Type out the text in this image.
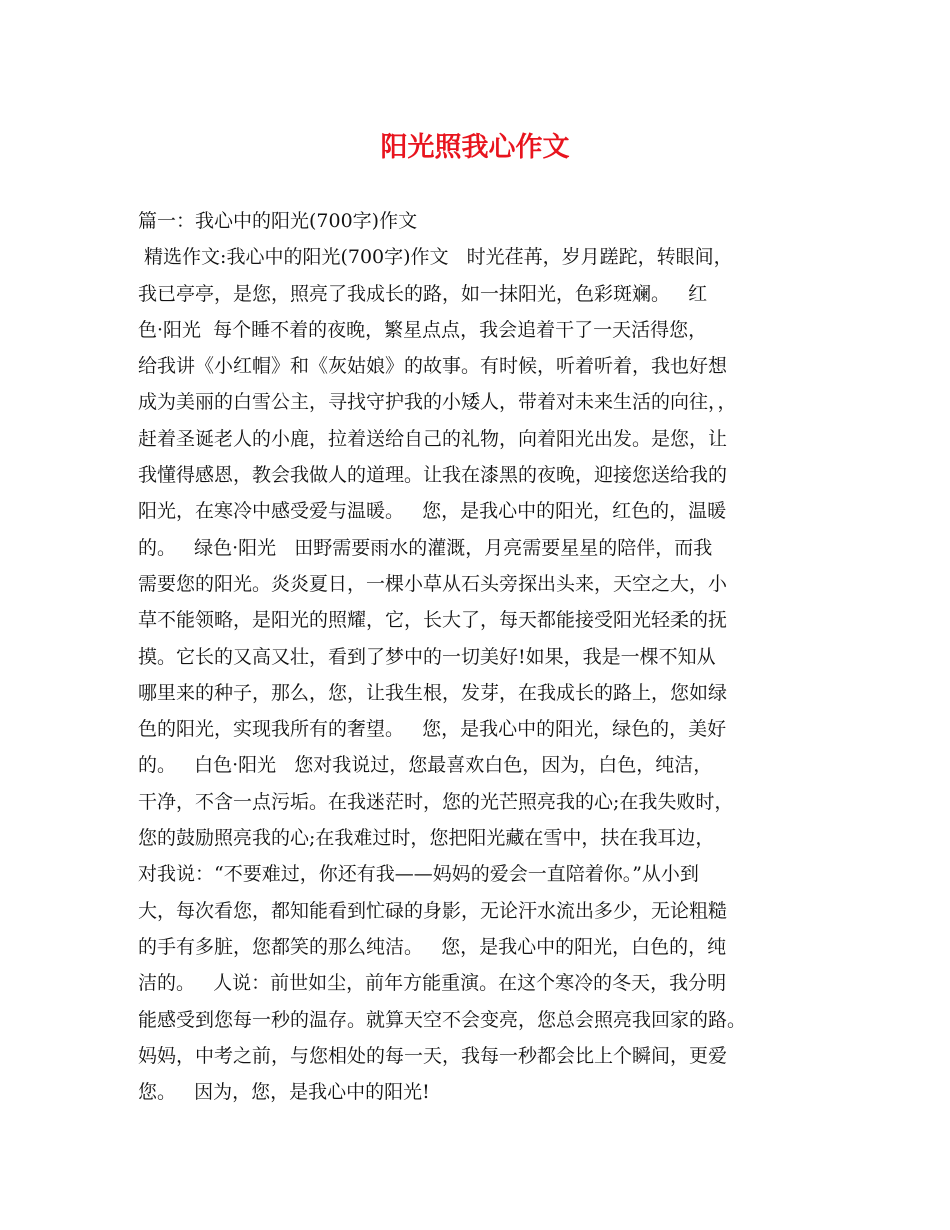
阳光照我心作文
篇一：我心中的阳光(700字)作文
精选作文:我心中的阳光(700字)作文   时光荏苒，岁月蹉跎，转眼间，
我已亭亭，是您，照亮了我成长的路，如一抹阳光，色彩斑斓。   红
色·阳光  每个睡不着的夜晚，繁星点点，我会追着干了一天活得您，
给我讲《小红帽》和《灰姑娘》的故事。有时候，听着听着，我也好想
成为美丽的白雪公主，寻找守护我的小矮人，带着对未来生活的向往，，
赶着圣诞老人的小鹿，拉着送给自己的礼物，向着阳光出发。是您，让
我懂得感恩，教会我做人的道理。让我在漆黑的夜晚，迎接您送给我的
阳光，在寒冷中感受爱与温暖。   您，是我心中的阳光，红色的，温暖
的。   绿色·阳光   田野需要雨水的灌溉，月亮需要星星的陪伴，而我
需要您的阳光。炎炎夏日，一棵小草从石头旁探出头来，天空之大，小
草不能领略，是阳光的照耀，它，长大了，每天都能接受阳光轻柔的抚
摸。它长的又高又壮，看到了梦中的一切美好!如果，我是一棵不知从
哪里来的种子，那么，您，让我生根，发芽，在我成长的路上，您如绿
色的阳光，实现我所有的奢望。   您，是我心中的阳光，绿色的，美好
的。   白色·阳光   您对我说过，您最喜欢白色，因为，白色，纯洁，
干净，不含一点污垢。在我迷茫时，您的光芒照亮我的心;在我失败时，
您的鼓励照亮我的心;在我难过时，您把阳光藏在雪中，扶在我耳边，
对我说：“不要难过，你还有我——妈妈的爱会一直陪着你。”从小到
大，每次看您，都知能看到忙碌的身影，无论汗水流出多少，无论粗糙
的手有多脏，您都笑的那么纯洁。   您，是我心中的阳光，白色的，纯
洁的。   人说：前世如尘，前年方能重演。在这个寒冷的冬天，我分明
能感受到您每一秒的温存。就算天空不会变亮，您总会照亮我回家的路。
妈妈，中考之前，与您相处的每一天，我每一秒都会比上个瞬间，更爱
您。   因为，您，是我心中的阳光!
